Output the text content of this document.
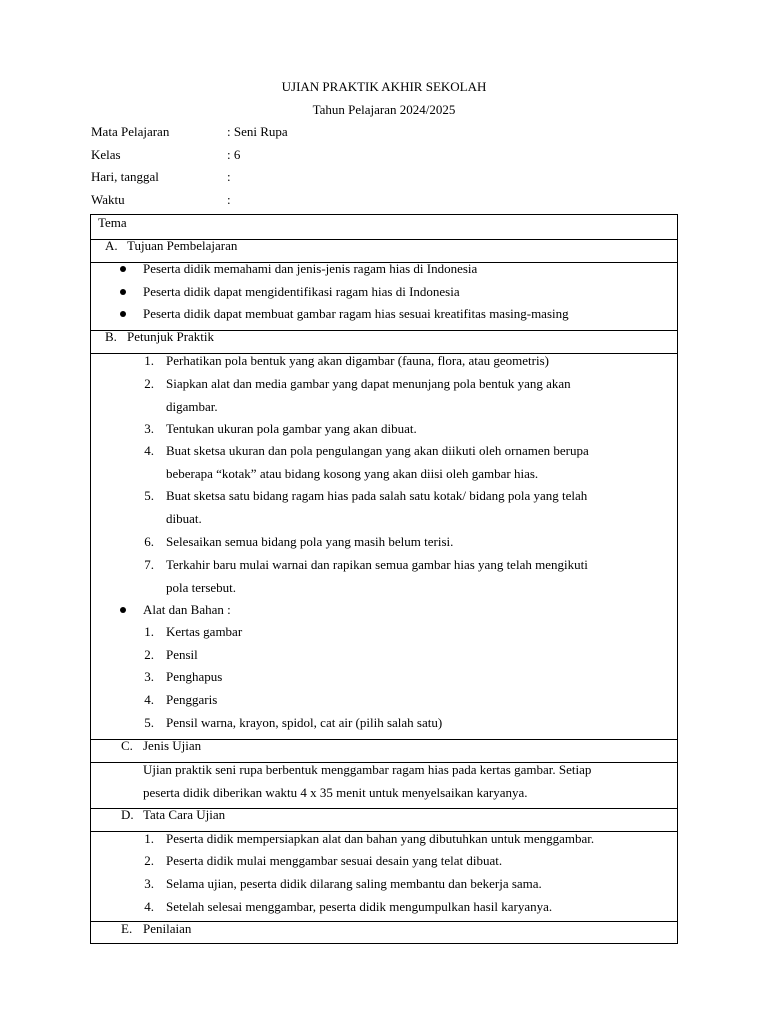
UJIAN PRAKTIK AKHIR SEKOLAH
Tahun Pelajaran 2024/2025
Mata Pelajaran	: Seni Rupa
Kelas	: 6
Hari, tanggal	:
Waktu	:
Tema
A. Tujuan Pembelajaran
Peserta didik memahami dan jenis-jenis ragam hias di Indonesia
Peserta didik dapat mengidentifikasi ragam hias di Indonesia
Peserta didik dapat membuat gambar ragam hias sesuai kreatifitas masing-masing
B. Petunjuk Praktik
1. Perhatikan pola bentuk yang akan digambar (fauna, flora, atau geometris)
2. Siapkan alat dan media gambar yang dapat menunjang pola bentuk yang akan
digambar.
3. Tentukan ukuran pola gambar yang akan dibuat.
4. Buat sketsa ukuran dan pola pengulangan yang akan diikuti oleh ornamen berupa
beberapa “kotak” atau bidang kosong yang akan diisi oleh gambar hias.
5. Buat sketsa satu bidang ragam hias pada salah satu kotak/ bidang pola yang telah
dibuat.
6. Selesaikan semua bidang pola yang masih belum terisi.
7. Terkahir baru mulai warnai dan rapikan semua gambar hias yang telah mengikuti
pola tersebut.
Alat dan Bahan :
1. Kertas gambar
2. Pensil
3. Penghapus
4. Penggaris
5. Pensil warna, krayon, spidol, cat air (pilih salah satu)
C. Jenis Ujian
Ujian praktik seni rupa berbentuk menggambar ragam hias pada kertas gambar. Setiap
peserta didik diberikan waktu 4 x 35 menit untuk menyelsaikan karyanya.
D. Tata Cara Ujian
1. Peserta didik mempersiapkan alat dan bahan yang dibutuhkan untuk menggambar.
2. Peserta didik mulai menggambar sesuai desain yang telat dibuat.
3. Selama ujian, peserta didik dilarang saling membantu dan bekerja sama.
4. Setelah selesai menggambar, peserta didik mengumpulkan hasil karyanya.
E. Penilaian
